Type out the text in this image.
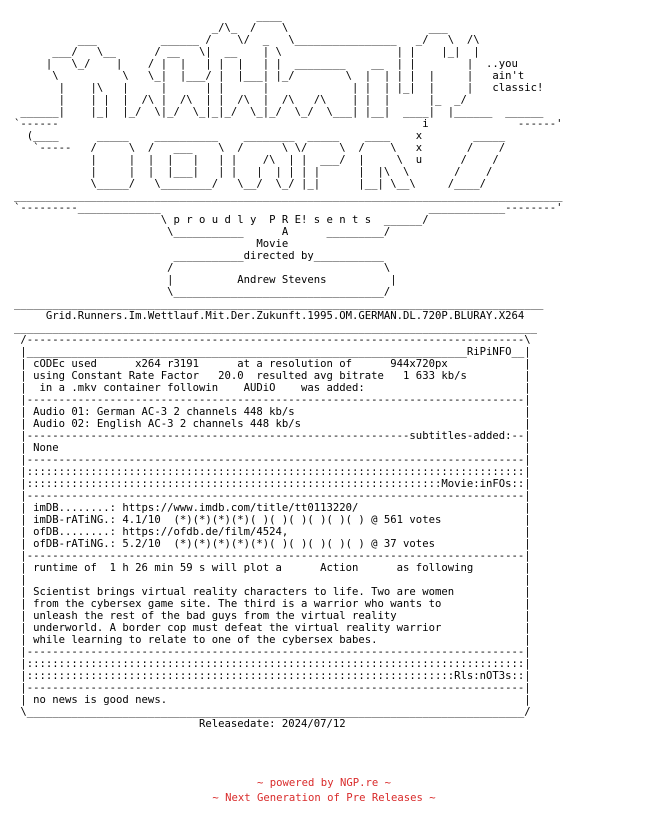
____
_/\_  /    \                      ___
___          ______ /    \/  _   \________________   _/   \  /\
___/   \__      / __   \|  __    | \                  | |    |_|  |
|   \_/    |    / |  |   | |  |   | |  ________    __  | |        |  ..you
\          \   \_|  |___/ |  |___| |_/        \  |  | | |  |     |   ain't
|    |\   |     |      | |      |             | |  | |_|  |     |   classic!
|    | |  |  /\ |  /\  | |  /\  |  /\   /\    | |  |      |_  _/
______|    |_|  |_/  \|_/  \_|_|_/  \_|_/  \_/  \___| |__|  ____|  |______  ______
`------                                                         i              ------'
(____      _____    __________    ________  _____    ____    x        _____
`-----   /     \  /   ___    \  /      \ \/     \  /    \   x       /    /
|     |  |  |   |   | |    /\  | |  ___/  |     \  u      /    /
|     |  |  |___|   | |   |  | | | |      |  |\  \       /    /
\_____/   \________/   \__/  \_/ |_|      |__| \__\     /____/
______________________________________________________________________________________
`---------_____________                                          ____________--------'
\ p r o u d l y  P R E! s e n t s  ______/
\___________      A      _________/
Movie
___________directed by___________
/                                 \
|          Andrew Stevens          |
\_________________________________/
___________________________________________________________________________________
Grid.Runners.Im.Wettlauf.Mit.Der.Zukunft.1995.OM.GERMAN.DL.720P.BLURAY.X264
__________________________________________________________________________________
/------------------------------------------------------------------------------\
|_____________________________________________________________________RiPiNFO__|
| cODEc used      x264 r3191      at a resolution of      944x720px            |
| using Constant Rate Factor   20.0  resulted avg bitrate   1 633 kb/s         |
|  in a .mkv container followin    AUDiO    was added:                         |
|------------------------------------------------------------------------------|
| Audio 01: German AC-3 2 channels 448 kb/s                                    |
| Audio 02: English AC-3 2 channels 448 kb/s                                   |
|------------------------------------------------------------subtitles-added:--|
| None                                                                         |
|------------------------------------------------------------------------------|
|::::::::::::::::::::::::::::::::::::::::::::::::::::::::::::::::::::::::::::::|
|:::::::::::::::::::::::::::::::::::::::::::::::::::::::::::::::::Movie:inFOs::|
|------------------------------------------------------------------------------|
| imDB........: https://www.imdb.com/title/tt0113220/                          |
| imDB-rATiNG.: 4.1/10  (*)(*)(*)(*)( )( )( )( )( )( ) @ 561 votes             |
| ofDB........: https://ofdb.de/film/4524,                                     |
| ofDB-rATiNG.: 5.2/10  (*)(*)(*)(*)(*)( )( )( )( )( ) @ 37 votes              |
|------------------------------------------------------------------------------|
| runtime of  1 h 26 min 59 s will plot a      Action      as following        |
|                                                                              |
| Scientist brings virtual reality characters to life. Two are women           |
| from the cybersex game site. The third is a warrior who wants to             |
| unleash the rest of the bad guys from the virtual reality                    |
| underworld. A border cop must defeat the virtual reality warrior             |
| while learning to relate to one of the cybersex babes.                       |
|------------------------------------------------------------------------------|
|::::::::::::::::::::::::::::::::::::::::::::::::::::::::::::::::::::::::::::::|
|:::::::::::::::::::::::::::::::::::::::::::::::::::::::::::::::::::Rls:nOT3s::|
|------------------------------------------------------------------------------|
| no news is good news.                                                        |
\______________________________________________________________________________/
Releasedate: 2024/07/12
~ powered by NGP.re ~
~ Next Generation of Pre Releases ~
